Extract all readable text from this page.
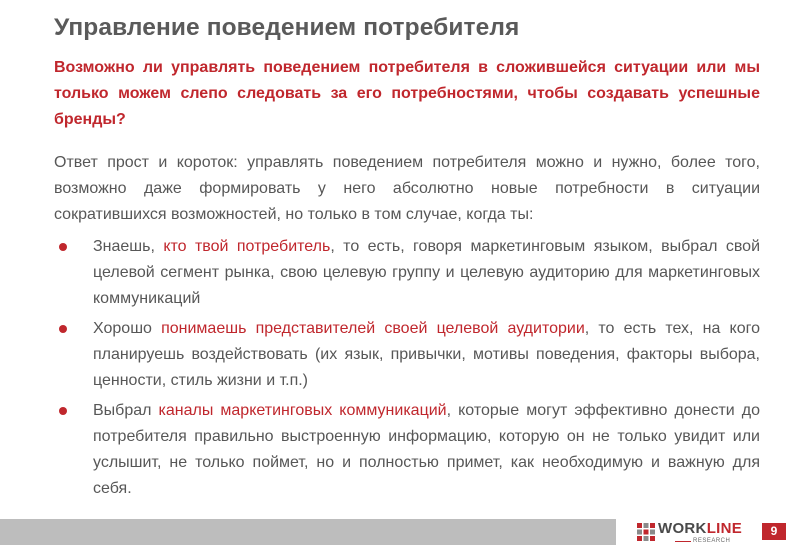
Управление поведением потребителя
Возможно ли управлять поведением потребителя в сложившейся ситуации или мы только можем слепо следовать за его потребностями, чтобы создавать успешные бренды?
Ответ прост и короток: управлять поведением потребителя можно и нужно, более того, возможно даже формировать у него абсолютно новые потребности в ситуации сократившихся возможностей, но только в том случае, когда ты:
Знаешь, кто твой потребитель, то есть, говоря маркетинговым языком, выбрал свой целевой сегмент рынка, свою целевую группу и целевую аудиторию для маркетинговых коммуникаций
Хорошо понимаешь представителей своей целевой аудитории, то есть тех, на кого планируешь воздействовать (их язык, привычки, мотивы поведения, факторы выбора, ценности, стиль жизни и т.п.)
Выбрал каналы маркетинговых коммуникаций, которые могут эффективно донести до потребителя правильно выстроенную информацию, которую он не только увидит или услышит, не только поймет, но и полностью примет, как необходимую и важную для себя.
WORKLINE
RESEARCH
9
